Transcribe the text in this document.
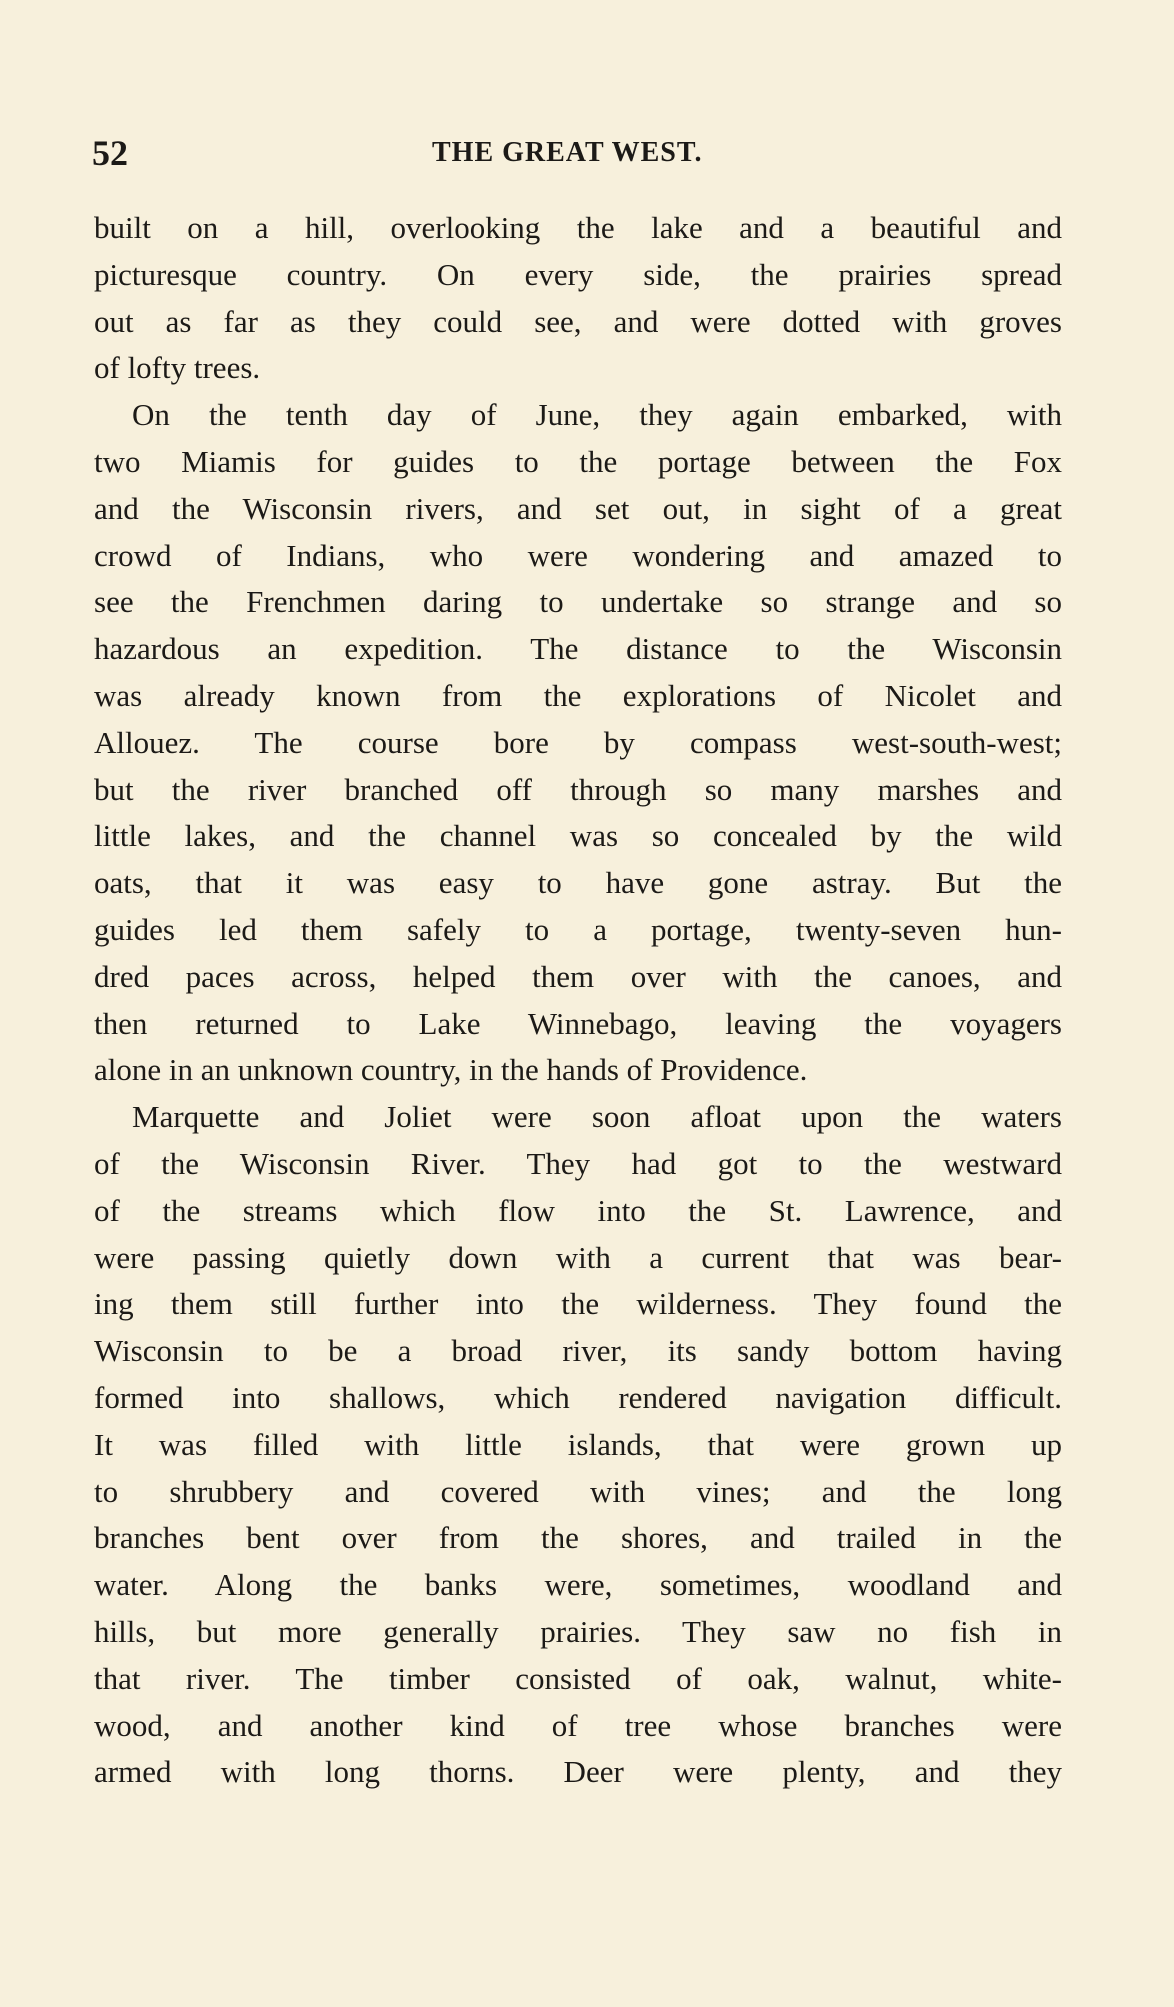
52	THE GREAT WEST.
built on a hill, overlooking the lake and a beautiful and
picturesque country. On every side, the prairies spread
out as far as they could see, and were dotted with groves
of lofty trees.
On the tenth day of June, they again embarked, with
two Miamis for guides to the portage between the Fox
and the Wisconsin rivers, and set out, in sight of a great
crowd of Indians, who were wondering and amazed to
see the Frenchmen daring to undertake so strange and so
hazardous an expedition. The distance to the Wisconsin
was already known from the explorations of Nicolet and
Allouez. The course bore by compass west-south-west;
but the river branched off through so many marshes and
little lakes, and the channel was so concealed by the wild
oats, that it was easy to have gone astray. But the
guides led them safely to a portage, twenty-seven hun-
dred paces across, helped them over with the canoes, and
then returned to Lake Winnebago, leaving the voyagers
alone in an unknown country, in the hands of Providence.
Marquette and Joliet were soon afloat upon the waters
of the Wisconsin River. They had got to the westward
of the streams which flow into the St. Lawrence, and
were passing quietly down with a current that was bear-
ing them still further into the wilderness. They found the
Wisconsin to be a broad river, its sandy bottom having
formed into shallows, which rendered navigation difficult.
It was filled with little islands, that were grown up
to shrubbery and covered with vines; and the long
branches bent over from the shores, and trailed in the
water. Along the banks were, sometimes, woodland and
hills, but more generally prairies. They saw no fish in
that river. The timber consisted of oak, walnut, white-
wood, and another kind of tree whose branches were
armed with long thorns. Deer were plenty, and they
